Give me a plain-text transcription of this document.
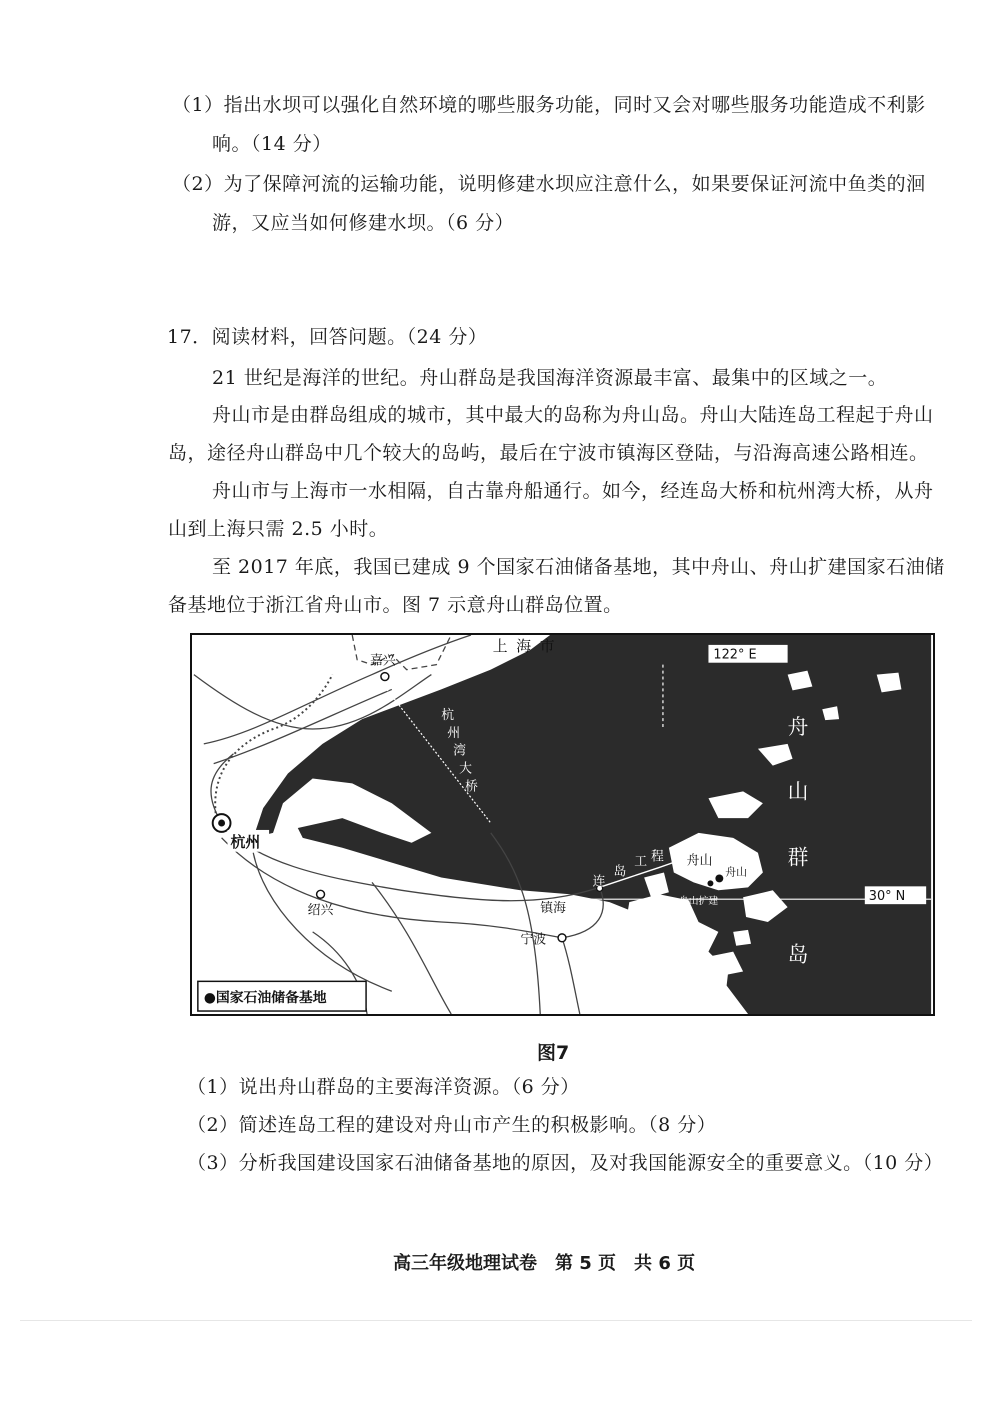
（1）指出水坝可以强化自然环境的哪些服务功能，同时又会对哪些服务功能造成不利影
响。（14 分）
（2）为了保障河流的运输功能，说明修建水坝应注意什么，如果要保证河流中鱼类的洄
游，又应当如何修建水坝。（6 分）
17．阅读材料，回答问题。（24 分）
21 世纪是海洋的世纪。舟山群岛是我国海洋资源最丰富、最集中的区域之一。
舟山市是由群岛组成的城市，其中最大的岛称为舟山岛。舟山大陆连岛工程起于舟山
岛，途径舟山群岛中几个较大的岛屿，最后在宁波市镇海区登陆，与沿海高速公路相连。
舟山市与上海市一水相隔，自古靠舟船通行。如今，经连岛大桥和杭州湾大桥，从舟
山到上海只需 2.5 小时。
至 2017 年底，我国已建成 9 个国家石油储备基地，其中舟山、舟山扩建国家石油储
备基地位于浙江省舟山市。图 7 示意舟山群岛位置。
嘉兴
上 海 市
杭州
绍兴	镇海
宁波
杭
州
湾
大
桥
连
岛
工 程 舟山
舟山
舟山扩建
舟
山
群
岛
122° E
30° N
●国家石油储备基地
图7
（1）说出舟山群岛的主要海洋资源。（6 分）
（2）简述连岛工程的建设对舟山市产生的积极影响。（8 分）
（3）分析我国建设国家石油储备基地的原因，及对我国能源安全的重要意义。（10 分）
高三年级地理试卷　第 5 页　共 6 页
